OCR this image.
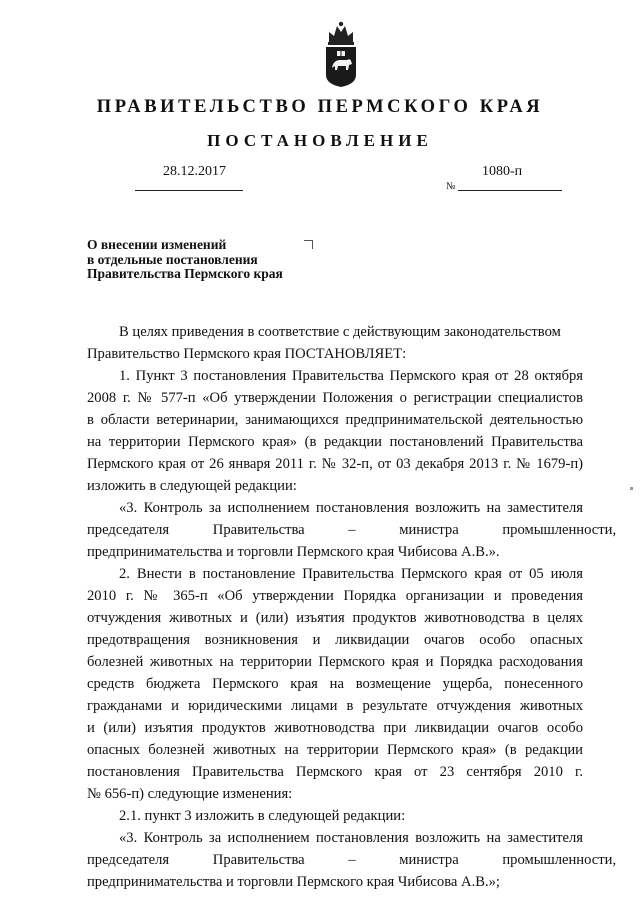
ПРАВИТЕЛЬСТВО ПЕРМСКОГО КРАЯ
ПОСТАНОВЛЕНИЕ
28.12.2017	1080-п
№
О внесении изменений
в отдельные постановления
Правительства Пермского края
В целях приведения в соответствие с действующим законодательством
Правительство Пермского края ПОСТАНОВЛЯЕТ:
1. Пункт 3 постановления Правительства Пермского края от 28 октября
2008 г. № 577-п «Об утверждении Положения о регистрации специалистов
в области ветеринарии, занимающихся предпринимательской деятельностью
на территории Пермского края» (в редакции постановлений Правительства
Пермского края от 26 января 2011 г. № 32-п, от 03 декабря 2013 г. № 1679-п)
изложить в следующей редакции:
«3. Контроль за исполнением постановления возложить на заместителя
председателя Правительства – министра промышленности,
предпринимательства и торговли Пермского края Чибисова А.В.».
2. Внести в постановление Правительства Пермского края от 05 июля
2010 г. № 365-п «Об утверждении Порядка организации и проведения
отчуждения животных и (или) изъятия продуктов животноводства в целях
предотвращения возникновения и ликвидации очагов особо опасных
болезней животных на территории Пермского края и Порядка расходования
средств бюджета Пермского края на возмещение ущерба, понесенного
гражданами и юридическими лицами в результате отчуждения животных
и (или) изъятия продуктов животноводства при ликвидации очагов особо
опасных болезней животных на территории Пермского края» (в редакции
постановления Правительства Пермского края от 23 сентября 2010 г.
№ 656-п) следующие изменения:
2.1. пункт 3 изложить в следующей редакции:
«3. Контроль за исполнением постановления возложить на заместителя
председателя Правительства – министра промышленности,
предпринимательства и торговли Пермского края Чибисова А.В.»;
